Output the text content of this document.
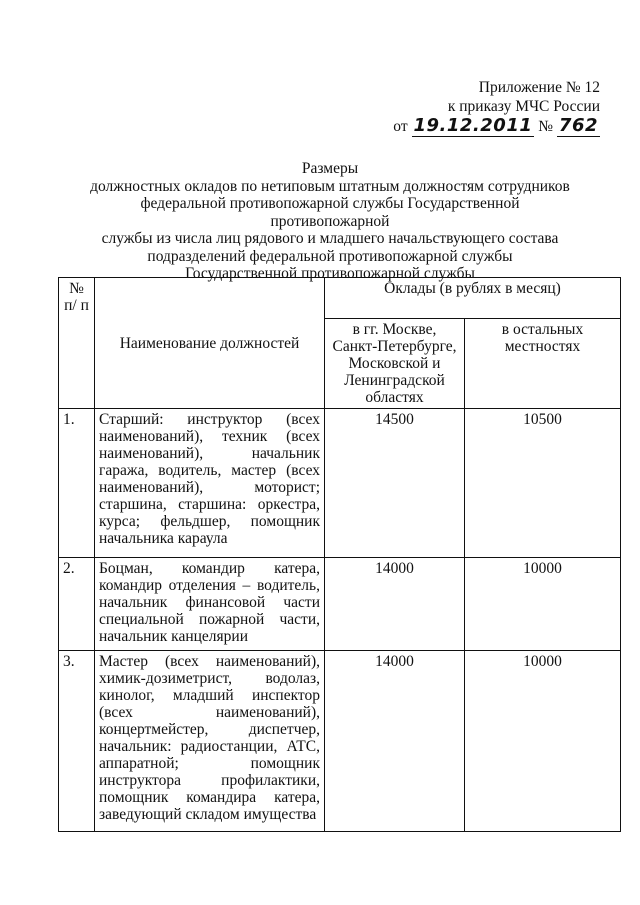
Приложение № 12
к приказу МЧС России
от 19.12.2011 № 762
Размеры
должностных окладов по нетиповым штатным должностям сотрудников
федеральной противопожарной службы Государственной противопожарной
службы из числа лиц рядового и младшего начальствующего состава
подразделений федеральной противопожарной службы
Государственной противопожарной службы
№ п/ п	Наименование должностей	Оклады (в рублях в месяц)	
		в гг. Москве, Санкт-Петербурге, Московской и Ленинградской областях	в остальных местностях
1.	Старший: инструктор (всех наименований), техник (всех наименований), начальник гаража, водитель, мастер (всех наименований), моторист; старшина, старшина: оркестра, курса; фельдшер, помощник начальника караула	14500	10500
2.	Боцман, командир катера, командир отделения – водитель, начальник финансовой части специальной пожарной части, начальник канцелярии	14000	10000
3.	Мастер (всех наименований), химик-дозиметрист, водолаз, кинолог, младший инспектор (всех наименований), концертмейстер, диспетчер, начальник: радиостанции, АТС, аппаратной; помощник инструктора профилактики, помощник командира катера, заведующий складом имущества	14000	10000
